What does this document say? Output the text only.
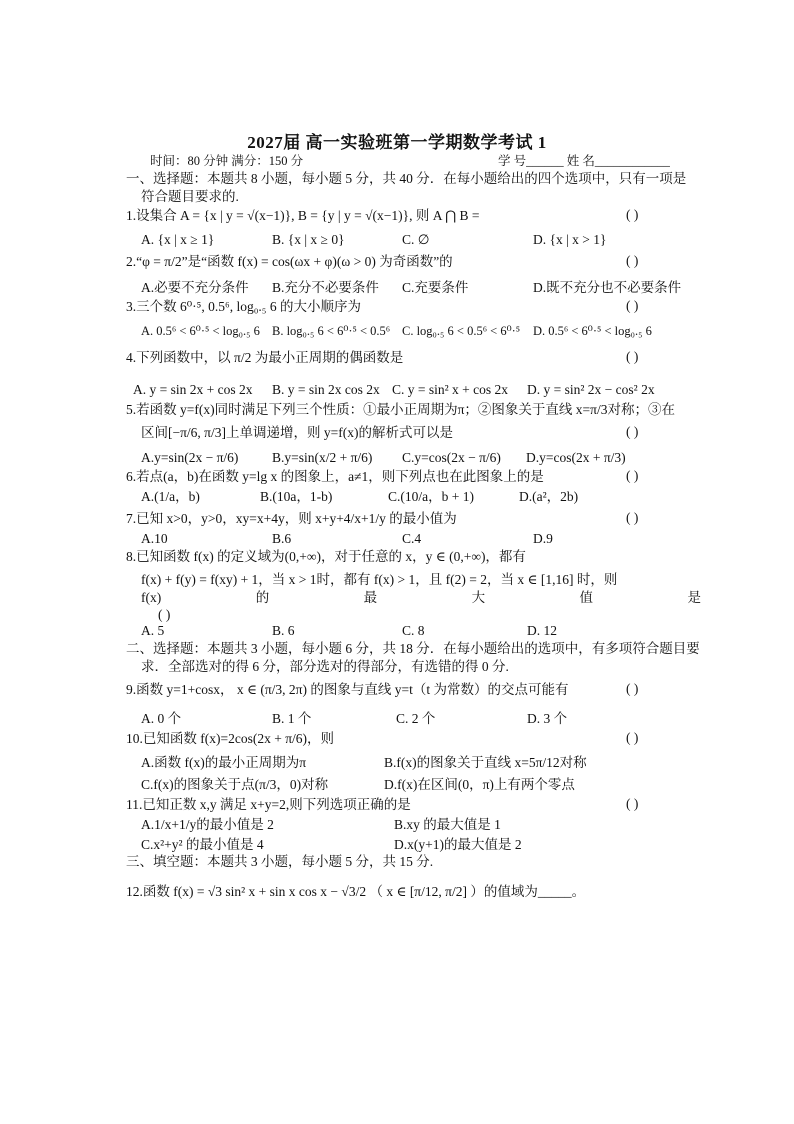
2027届 高一实验班第一学期数学考试 1
时间：80 分钟 满分：150 分	学 号______ 姓 名____________
一、选择题：本题共 8 小题，每小题 5 分，共 40 分．在每小题给出的四个选项中，只有一项是
符合题目要求的.
1.设集合 A = {x | y = √(x−1)}, B = {y | y = √(x−1)}, 则 A ⋂ B =	( )
A. {x | x ≥ 1}	B. {x | x ≥ 0}	C. ∅	D. {x | x > 1}
2.“φ = π/2”是“函数 f(x) = cos(ωx + φ)(ω > 0) 为奇函数”的	( )
A.必要不充分条件 B.充分不必要条件 C.充要条件	D.既不充分也不必要条件
3.三个数 6⁰·⁵, 0.5⁶, log₀.₅ 6 的大小顺序为	( )
A. 0.5⁶ < 6⁰·⁵ < log₀.₅ 6 B. log₀.₅ 6 < 6⁰·⁵ < 0.5⁶ C. log₀.₅ 6 < 0.5⁶ < 6⁰·⁵ D. 0.5⁶ < 6⁰·⁵ < log₀.₅ 6
4.下列函数中，以 π/2 为最小正周期的偶函数是	( )
A. y = sin 2x + cos 2x B. y = sin 2x cos 2x C. y = sin² x + cos 2x D. y = sin² 2x − cos² 2x
5.若函数 y=f(x)同时满足下列三个性质：①最小正周期为π；②图象关于直线 x=π/3对称；③在
区间[−π/6, π/3]上单调递增，则 y=f(x)的解析式可以是	( )
A.y=sin(2x − π/6) B.y=sin(x/2 + π/6) C.y=cos(2x − π/6) D.y=cos(2x + π/3)
6.若点(a，b)在函数 y=lg x 的图象上，a≠1，则下列点也在此图象上的是	( )
A.(1/a，b)	B.(10a，1-b)	C.(10/a，b + 1)	D.(a²，2b)
7.已知 x>0，y>0，xy=x+4y，则 x+y+4/x+1/y 的最小值为	( )
A.10	B.6	C.4	D.9
8.已知函数 f(x) 的定义域为(0,+∞)，对于任意的 x，y ∈ (0,+∞)，都有
f(x) + f(y) = f(xy) + 1，当 x > 1时，都有 f(x) > 1，且 f(2) = 2，当 x ∈ [1,16] 时，则
f(x)	的	最	大	值	是
( )
A. 5	B. 6	C. 8	D. 12
二、选择题：本题共 3 小题，每小题 6 分，共 18 分．在每小题给出的选项中，有多项符合题目要
求．全部选对的得 6 分，部分选对的得部分，有选错的得 0 分.
9.函数 y=1+cosx， x ∈ (π/3, 2π) 的图象与直线 y=t（t 为常数）的交点可能有	( )
A. 0 个	B. 1 个	C. 2 个	D. 3 个
10.已知函数 f(x)=2cos(2x + π/6)，则	( )
A.函数 f(x)的最小正周期为π	B.f(x)的图象关于直线 x=5π/12对称
C.f(x)的图象关于点(π/3，0)对称	D.f(x)在区间(0，π)上有两个零点
11.已知正数 x,y 满足 x+y=2,则下列选项正确的是	( )
A.1/x+1/y的最小值是 2	B.xy 的最大值是 1
C.x²+y² 的最小值是 4	D.x(y+1)的最大值是 2
三、填空题：本题共 3 小题，每小题 5 分，共 15 分.
12.函数 f(x) = √3 sin² x + sin x cos x − √3/2 （ x ∈ [π/12, π/2] ）的值域为_____。
